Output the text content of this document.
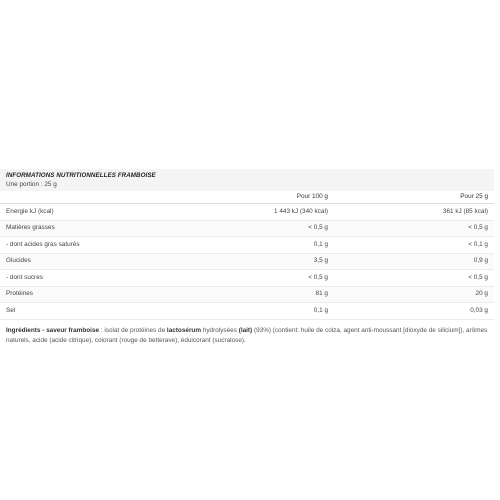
INFORMATIONS NUTRITIONNELLES FRAMBOISE

Une portion : 25 g

	Pour 100 g	Pour 25 g
Energie kJ (kcal)	1 443 kJ (340 kcal)	361 kJ (85 kcal)
Matières grasses	< 0,5 g	< 0,5 g
- dont acides gras saturés	0,1 g	< 0,1 g
Glucides	3,5 g	0,9 g
- dont sucres	< 0,5 g	< 0,5 g
Protéines	81 g	20 g
Sel	0,1 g	0,03 g

Ingrédients - saveur framboise : isolat de protéines de lactosérum hydrolysées (lait) (93%) (contient: huile de colza, agent anti-moussant [dioxyde de silicium]), arômes naturels, acide (acide citrique), colorant (rouge de betterave), édulcorant (sucralose).
